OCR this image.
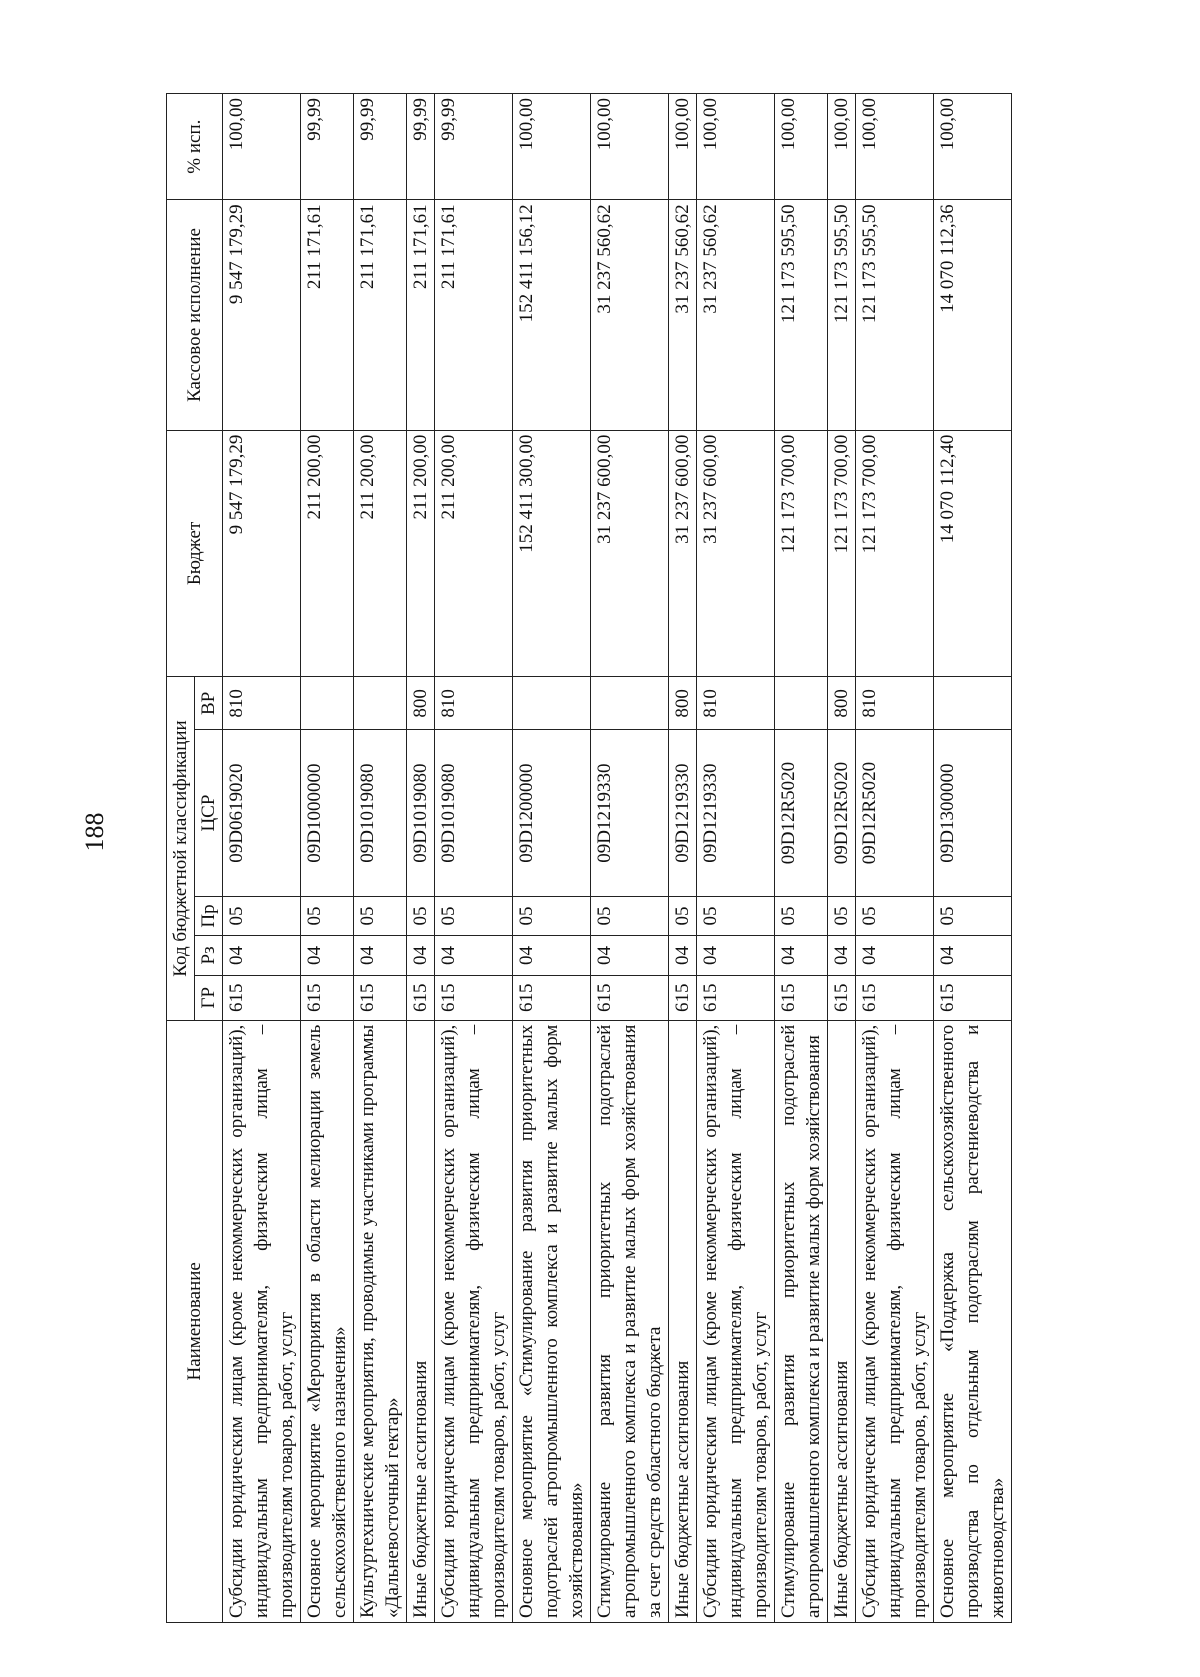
188
Наименование	Код бюджетной классификации					Бюджет	Кассовое исполнение	% исп.
	ГР	Рз	Пр	ЦСР	ВР			
Субсидии юридическим лицам (кроме некоммерческих организаций), индивидуальным предпринимателям, физическим лицам – производителям товаров, работ, услуг	615	04	05	09D0619020	810	9 547 179,29	9 547 179,29	100,00
Основное мероприятие «Мероприятия в области мелиорации земель сельскохозяйственного назначения»	615	04	05	09D1000000		211 200,00	211 171,61	99,99
Культуртехнические мероприятия, проводимые участниками программы «Дальневосточный гектар»	615	04	05	09D1019080		211 200,00	211 171,61	99,99
Иные бюджетные ассигнования	615	04	05	09D1019080	800	211 200,00	211 171,61	99,99
Субсидии юридическим лицам (кроме некоммерческих организаций), индивидуальным предпринимателям, физическим лицам – производителям товаров, работ, услуг	615	04	05	09D1019080	810	211 200,00	211 171,61	99,99
Основное мероприятие «Стимулирование развития приоритетных подотраслей агропромышленного комплекса и развитие малых форм хозяйствования»	615	04	05	09D1200000		152 411 300,00	152 411 156,12	100,00
Стимулирование развития приоритетных подотраслей агропромышленного комплекса и развитие малых форм хозяйствования за счет средств областного бюджета	615	04	05	09D1219330		31 237 600,00	31 237 560,62	100,00
Иные бюджетные ассигнования	615	04	05	09D1219330	800	31 237 600,00	31 237 560,62	100,00
Субсидии юридическим лицам (кроме некоммерческих организаций), индивидуальным предпринимателям, физическим лицам – производителям товаров, работ, услуг	615	04	05	09D1219330	810	31 237 600,00	31 237 560,62	100,00
Стимулирование развития приоритетных подотраслей агропромышленного комплекса и развитие малых форм хозяйствования	615	04	05	09D12R5020		121 173 700,00	121 173 595,50	100,00
Иные бюджетные ассигнования	615	04	05	09D12R5020	800	121 173 700,00	121 173 595,50	100,00
Субсидии юридическим лицам (кроме некоммерческих организаций), индивидуальным предпринимателям, физическим лицам – производителям товаров, работ, услуг	615	04	05	09D12R5020	810	121 173 700,00	121 173 595,50	100,00
Основное мероприятие «Поддержка сельскохозяйственного производства по отдельным подотраслям растениеводства и животноводства»	615	04	05	09D1300000		14 070 112,40	14 070 112,36	100,00
